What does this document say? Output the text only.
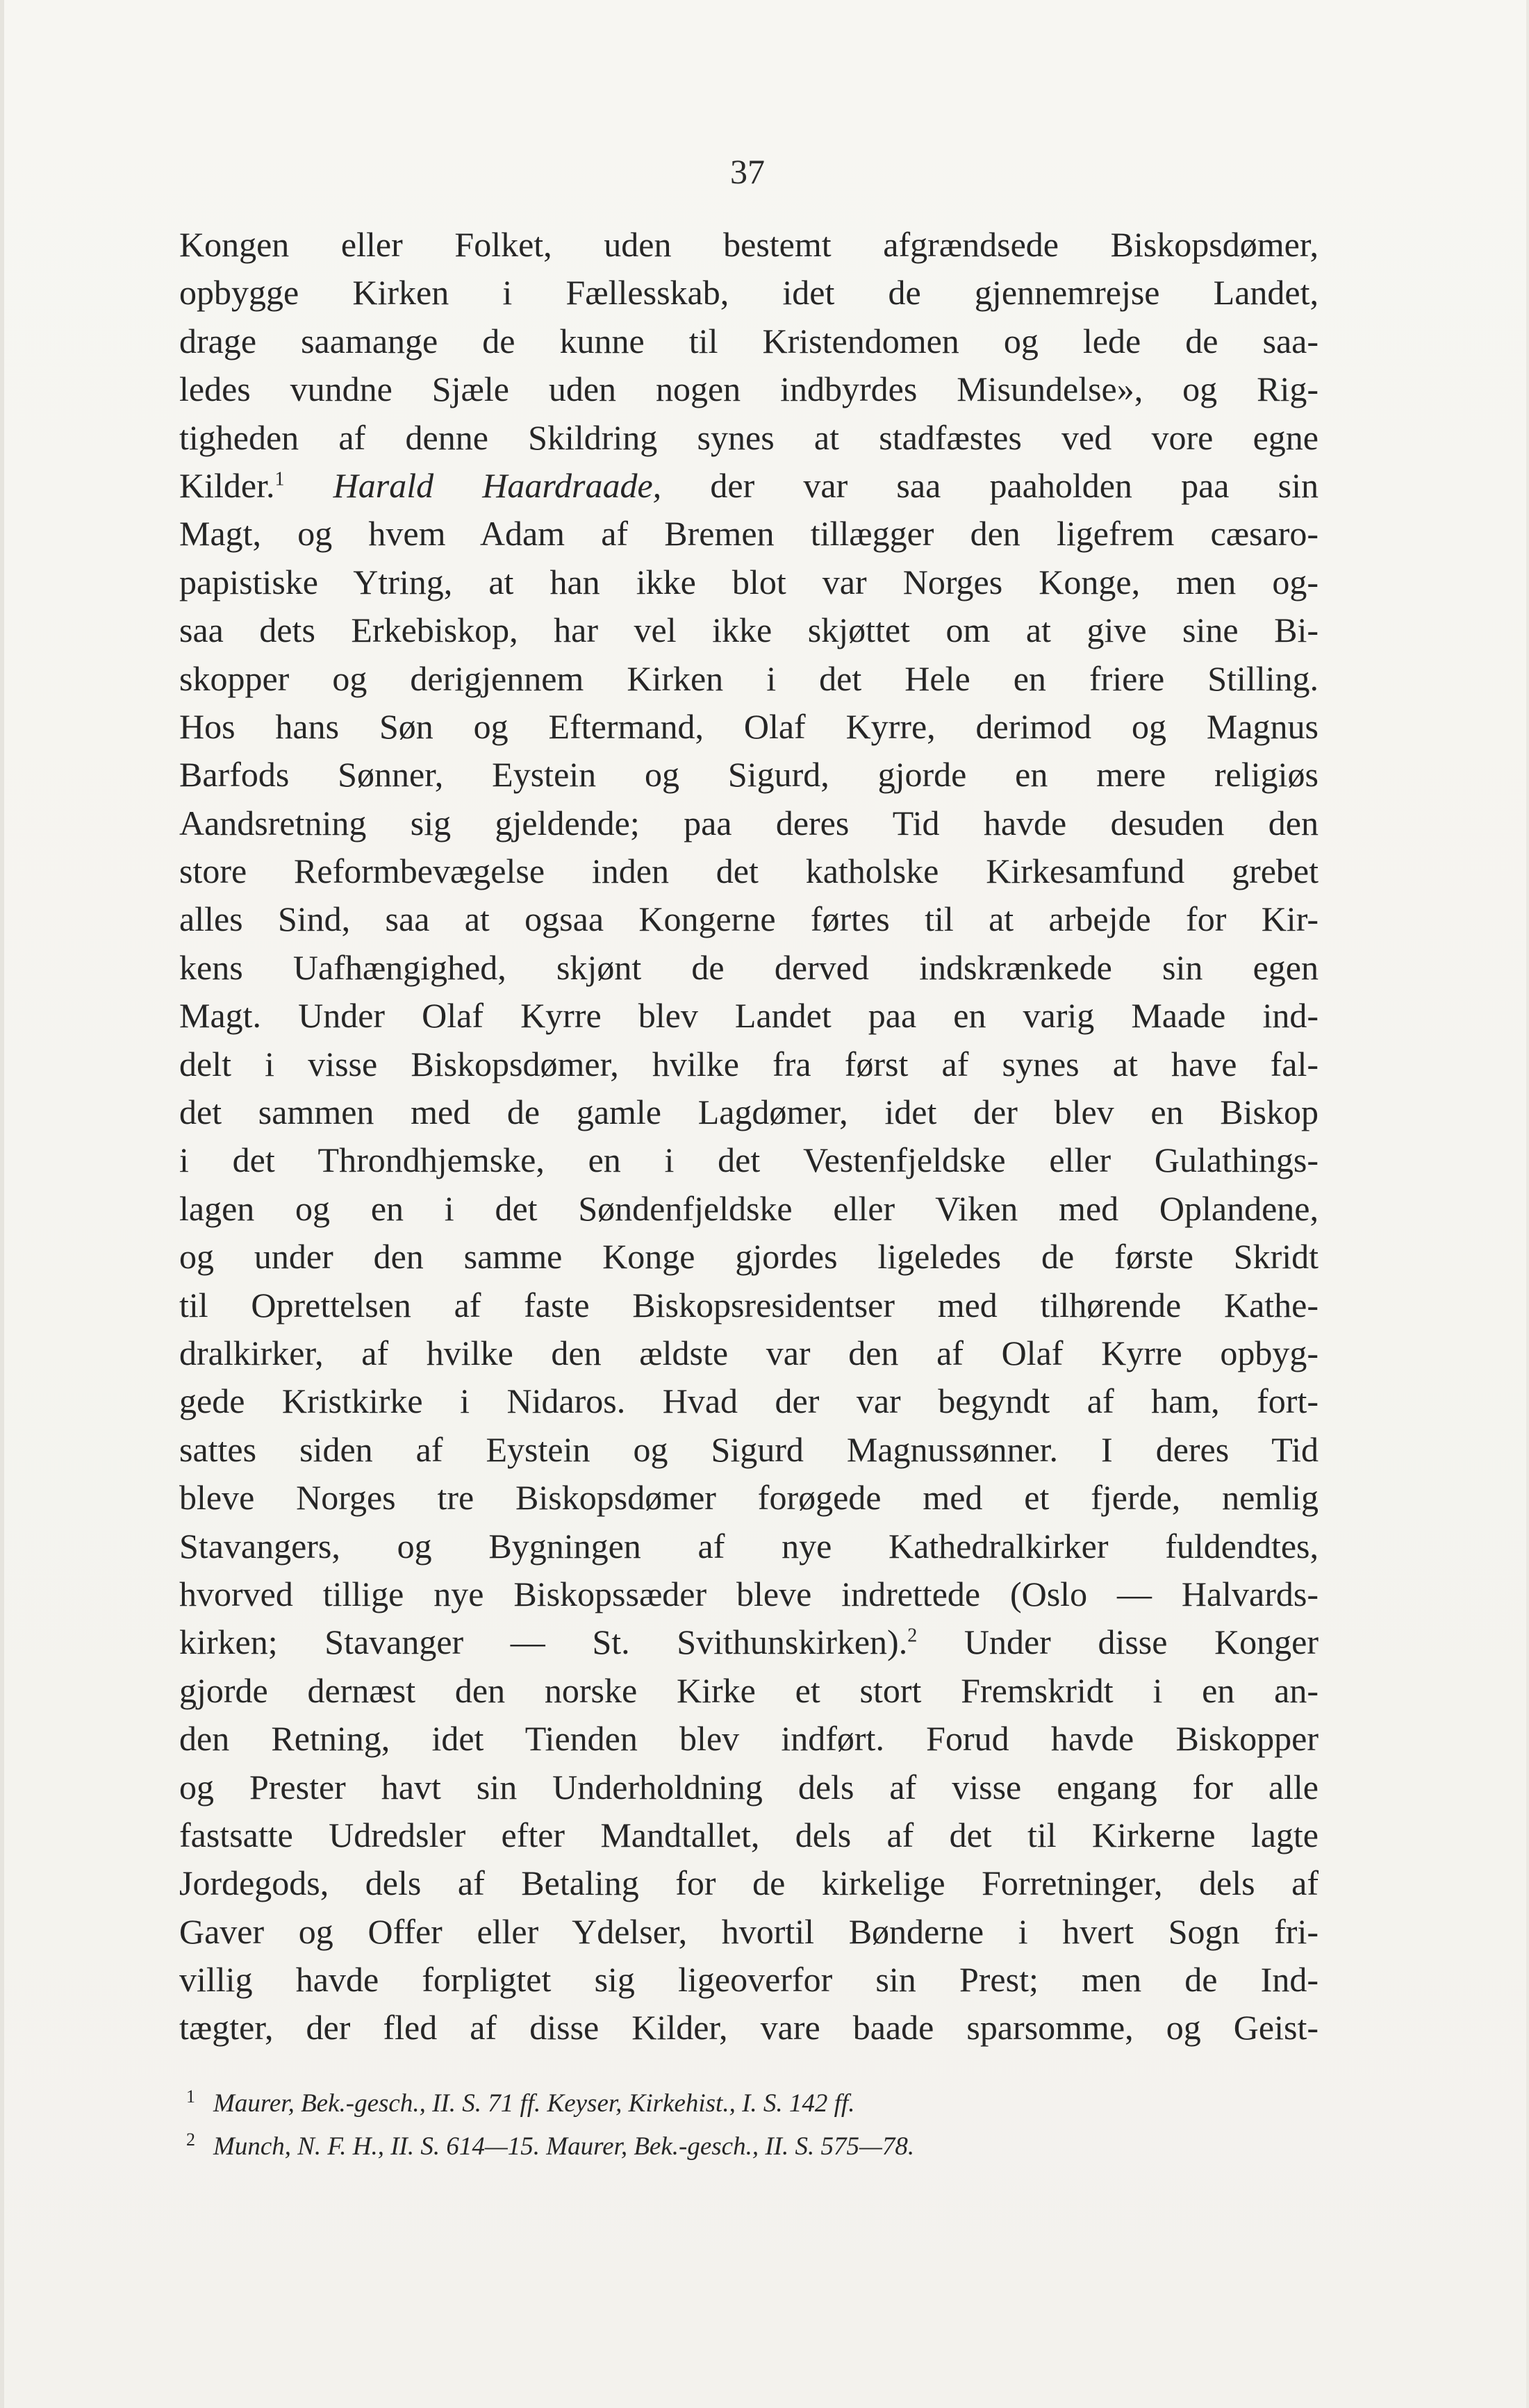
37
Kongen eller Folket, uden bestemt afgrændsede Biskopsdømer,
opbygge Kirken i Fællesskab, idet de gjennemrejse Landet,
drage saamange de kunne til Kristendomen og lede de saa-
ledes vundne Sjæle uden nogen indbyrdes Misundelse», og Rig-
tigheden af denne Skildring synes at stadfæstes ved vore egne
Kilder.$^1$ Harald Haardraade, der var saa paaholden paa sin
Magt, og hvem Adam af Bremen tillægger den ligefrem cæsaro-
papistiske Ytring, at han ikke blot var Norges Konge, men og-
saa dets Erkebiskop, har vel ikke skjøttet om at give sine Bi-
skopper og derigjennem Kirken i det Hele en friere Stilling.
Hos hans Søn og Eftermand, Olaf Kyrre, derimod og Magnus
Barfods Sønner, Eystein og Sigurd, gjorde en mere religiøs
Aandsretning sig gjeldende; paa deres Tid havde desuden den
store Reformbevægelse inden det katholske Kirkesamfund grebet
alles Sind, saa at ogsaa Kongerne førtes til at arbejde for Kir-
kens Uafhængighed, skjønt de derved indskrænkede sin egen
Magt. Under Olaf Kyrre blev Landet paa en varig Maade ind-
delt i visse Biskopsdømer, hvilke fra først af synes at have fal-
det sammen med de gamle Lagdømer, idet der blev en Biskop
i det Throndhjemske, en i det Vestenfjeldske eller Gulathings-
lagen og en i det Søndenfjeldske eller Viken med Oplandene,
og under den samme Konge gjordes ligeledes de første Skridt
til Oprettelsen af faste Biskopsresidentser med tilhørende Kathe-
dralkirker, af hvilke den ældste var den af Olaf Kyrre opbyg-
gede Kristkirke i Nidaros. Hvad der var begyndt af ham, fort-
sattes siden af Eystein og Sigurd Magnussønner. I deres Tid
bleve Norges tre Biskopsdømer forøgede med et fjerde, nemlig
Stavangers, og Bygningen af nye Kathedralkirker fuldendtes,
hvorved tillige nye Biskopssæder bleve indrettede (Oslo — Halvards-
kirken; Stavanger — St. Svithunskirken).$^2$ Under disse Konger
gjorde dernæst den norske Kirke et stort Fremskridt i en an-
den Retning, idet Tienden blev indført. Forud havde Biskopper
og Prester havt sin Underholdning dels af visse engang for alle
fastsatte Udredsler efter Mandtallet, dels af det til Kirkerne lagte
Jordegods, dels af Betaling for de kirkelige Forretninger, dels af
Gaver og Offer eller Ydelser, hvortil Bønderne i hvert Sogn fri-
villig havde forpligtet sig ligeoverfor sin Prest; men de Ind-
tægter, der fled af disse Kilder, vare baade sparsomme, og Geist-
$^1$ Maurer, Bek.-gesch., II. S. 71 ff. Keyser, Kirkehist., I. S. 142 ff.
$^2$ Munch, N. F. H., II. S. 614—15. Maurer, Bek.-gesch., II. S. 575—78.
